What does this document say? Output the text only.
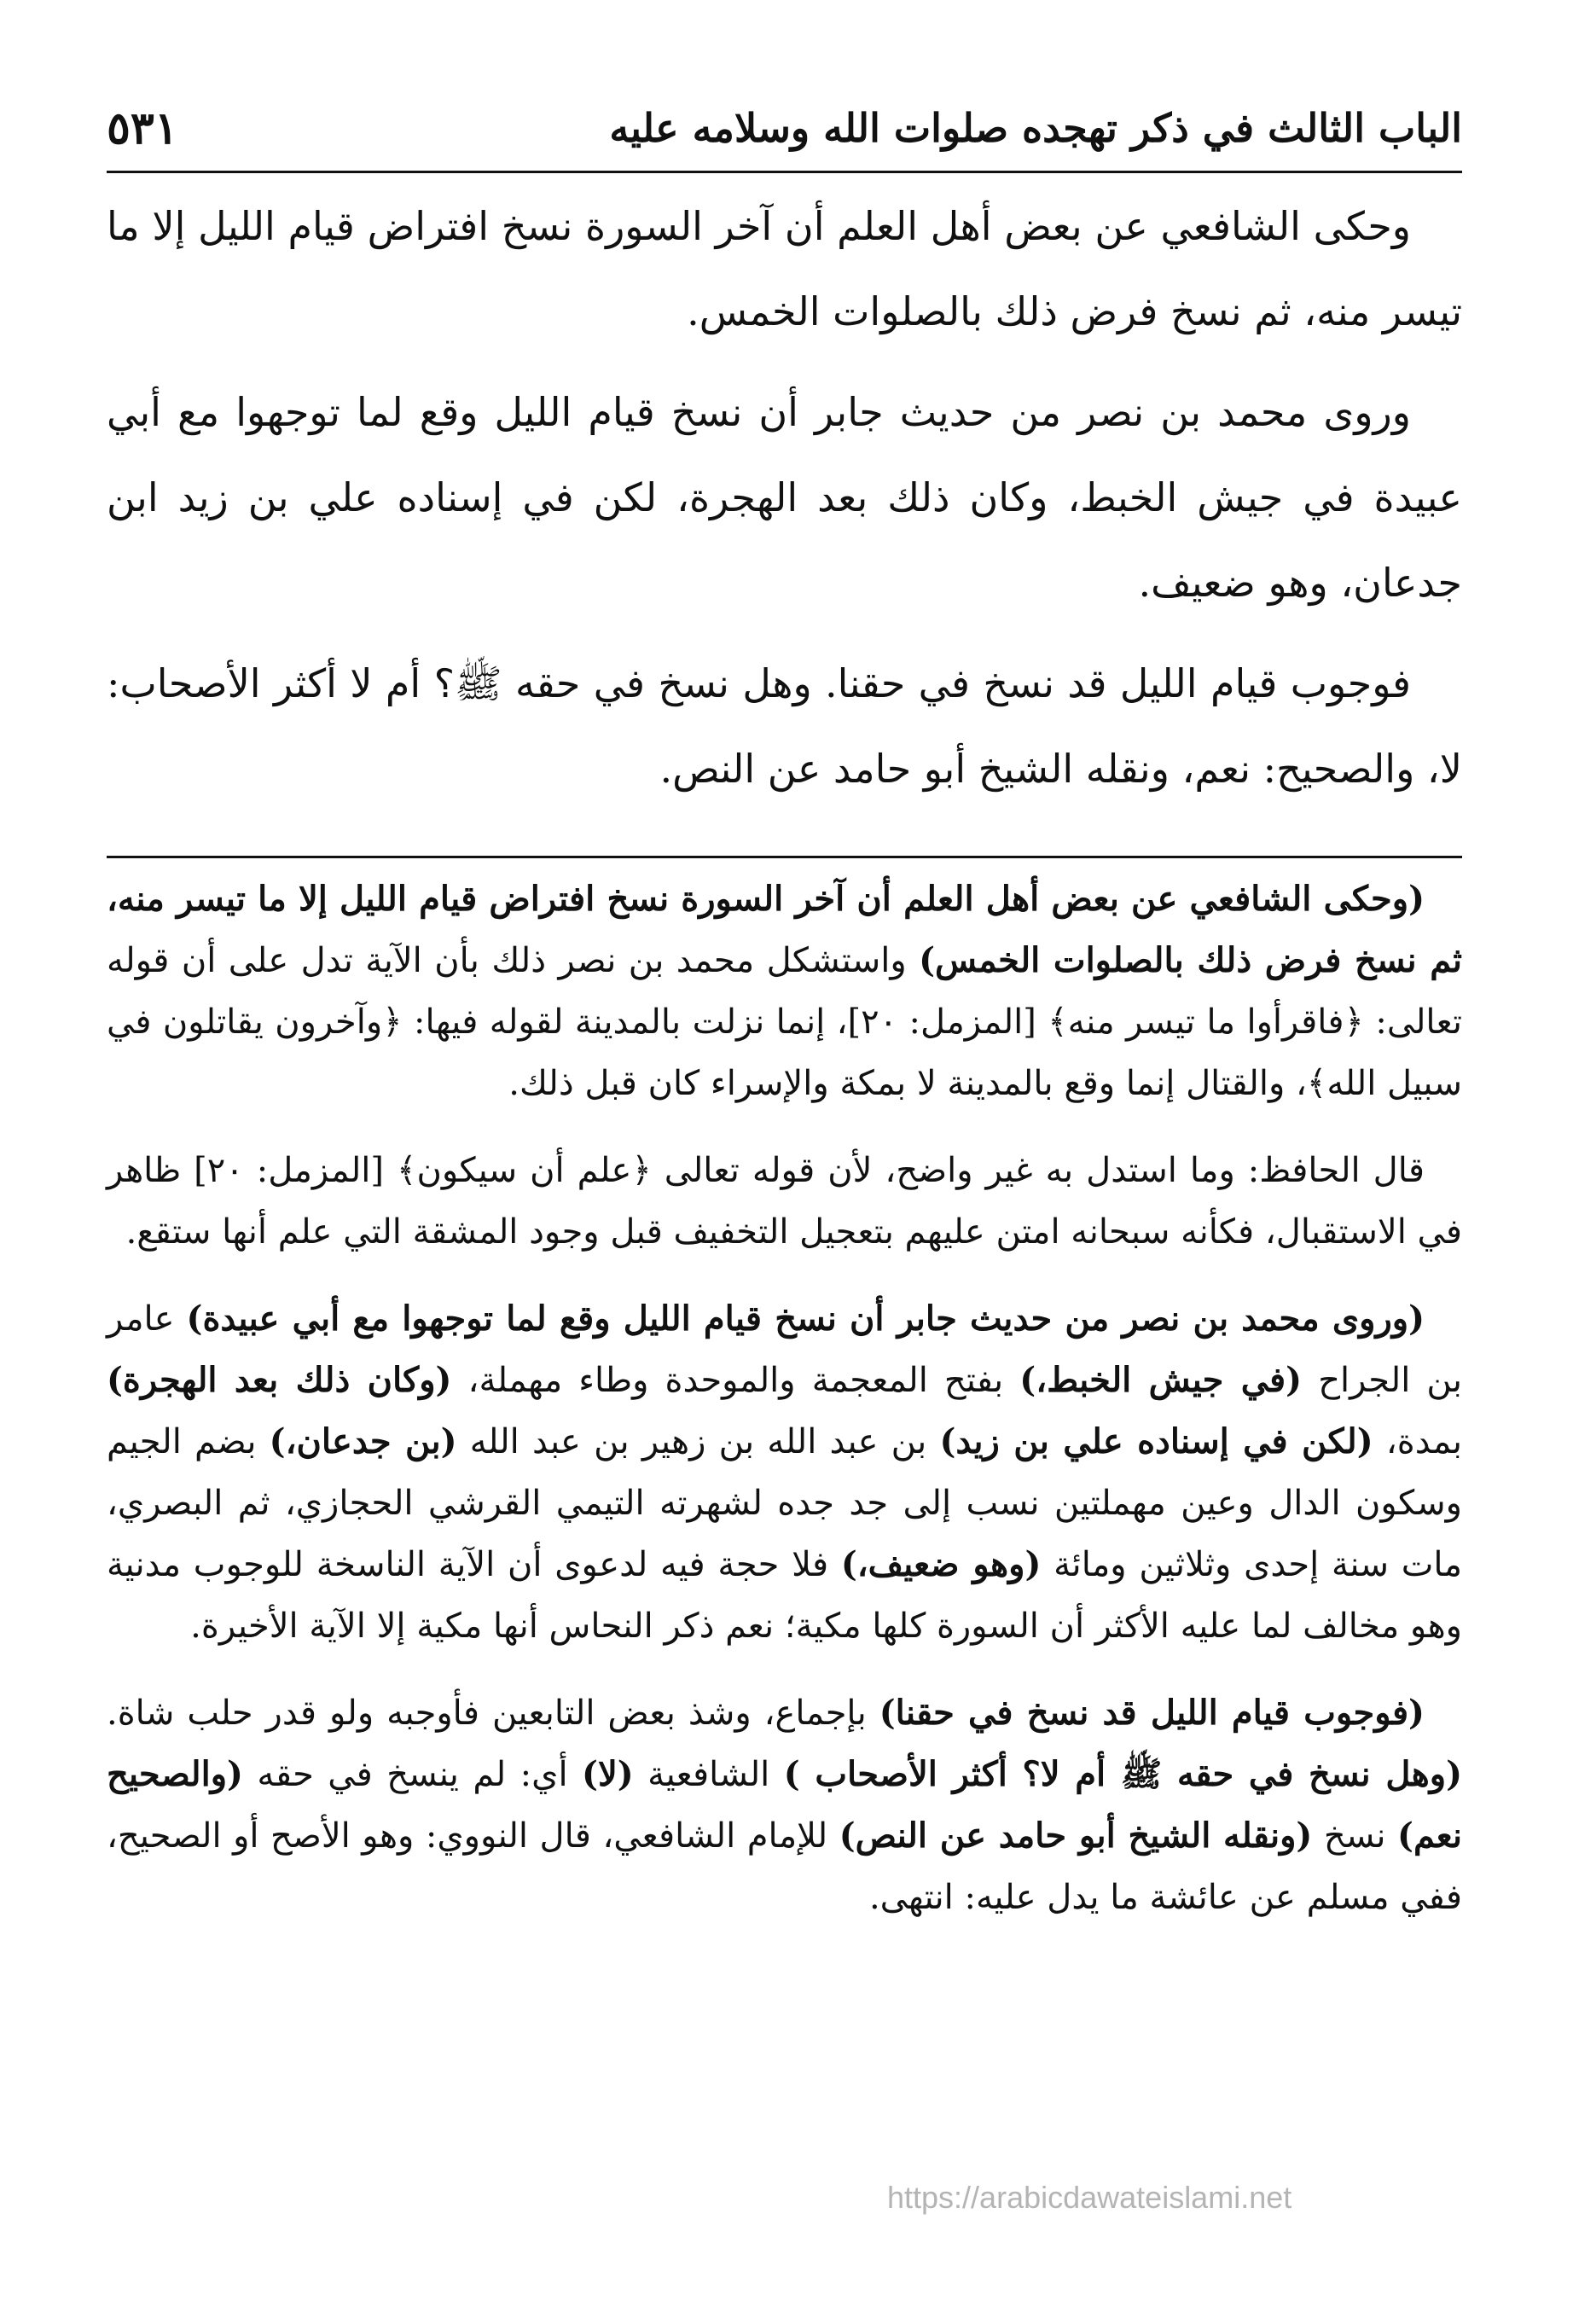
الباب الثالث في ذكر تهجده صلوات الله وسلامه عليه
٥٣١

وحكى الشافعي عن بعض أهل العلم أن آخر السورة نسخ افتراض قيام الليل إلا ما تيسر منه، ثم نسخ فرض ذلك بالصلوات الخمس.

وروى محمد بن نصر من حديث جابر أن نسخ قيام الليل وقع لما توجهوا مع أبي عبيدة في جيش الخبط، وكان ذلك بعد الهجرة، لكن في إسناده علي بن زيد ابن جدعان، وهو ضعيف.

فوجوب قيام الليل قد نسخ في حقنا. وهل نسخ في حقه ﷺ؟ أم لا أكثر الأصحاب: لا، والصحيح: نعم، ونقله الشيخ أبو حامد عن النص.

(وحكى الشافعي عن بعض أهل العلم أن آخر السورة نسخ افتراض قيام الليل إلا ما تيسر منه، ثم نسخ فرض ذلك بالصلوات الخمس) واستشكل محمد بن نصر ذلك بأن الآية تدل على أن قوله تعالى: ﴿فاقرأوا ما تيسر منه﴾ [المزمل: ٢٠]، إنما نزلت بالمدينة لقوله فيها: ﴿وآخرون يقاتلون في سبيل الله﴾، والقتال إنما وقع بالمدينة لا بمكة والإسراء كان قبل ذلك.

قال الحافظ: وما استدل به غير واضح، لأن قوله تعالى ﴿علم أن سيكون﴾ [المزمل: ٢٠] ظاهر في الاستقبال، فكأنه سبحانه امتن عليهم بتعجيل التخفيف قبل وجود المشقة التي علم أنها ستقع.

(وروى محمد بن نصر من حديث جابر أن نسخ قيام الليل وقع لما توجهوا مع أبي عبيدة) عامر بن الجراح (في جيش الخبط،) بفتح المعجمة والموحدة وطاء مهملة، (وكان ذلك بعد الهجرة) بمدة، (لكن في إسناده علي بن زيد) بن عبد الله بن زهير بن عبد الله (بن جدعان،) بضم الجيم وسكون الدال وعين مهملتين نسب إلى جد جده لشهرته التيمي القرشي الحجازي، ثم البصري، مات سنة إحدى وثلاثين ومائة (وهو ضعيف،) فلا حجة فيه لدعوى أن الآية الناسخة للوجوب مدنية وهو مخالف لما عليه الأكثر أن السورة كلها مكية؛ نعم ذكر النحاس أنها مكية إلا الآية الأخيرة.

(فوجوب قيام الليل قد نسخ في حقنا) بإجماع، وشذ بعض التابعين فأوجبه ولو قدر حلب شاة. (وهل نسخ في حقه ﷺ أم لا؟ أكثر الأصحاب ) الشافعية (لا) أي: لم ينسخ في حقه (والصحيح نعم) نسخ (ونقله الشيخ أبو حامد عن النص) للإمام الشافعي، قال النووي: وهو الأصح أو الصحيح، ففي مسلم عن عائشة ما يدل عليه: انتهى.

https://arabicdawateislami.net
